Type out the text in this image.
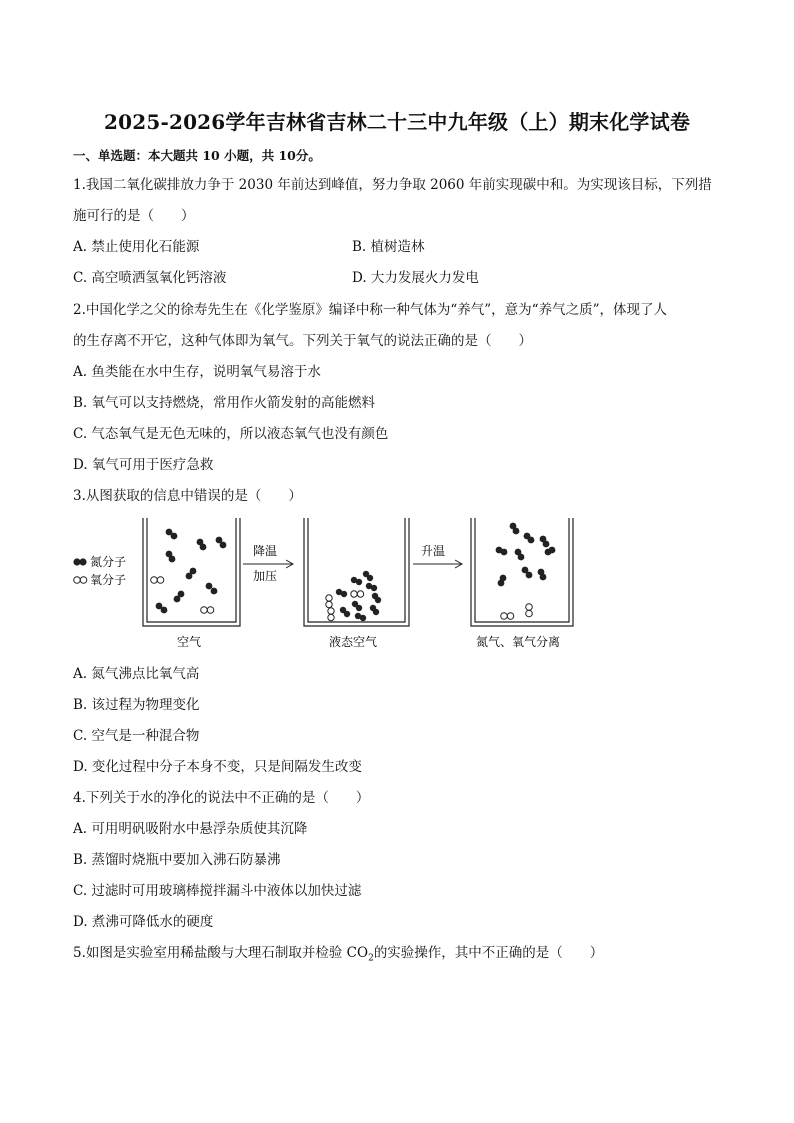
2025-2026学年吉林省吉林二十三中九年级（上）期末化学试卷
一、单选题：本大题共 10 小题，共 10分。
1.我国二氧化碳排放力争于 2030 年前达到峰值，努力争取 2060 年前实现碳中和。为实现该目标，下列措
施可行的是（　　）
A. 禁止使用化石能源	B. 植树造林
C. 高空喷洒氢氧化钙溶液	D. 大力发展火力发电
2.中国化学之父的徐寿先生在《化学鉴原》编译中称一种气体为“养气”，意为“养气之质”，体现了人
的生存离不开它，这种气体即为氧气。下列关于氧气的说法正确的是（　　）
A. 鱼类能在水中生存，说明氧气易溶于水
B. 氧气可以支持燃烧，常用作火箭发射的高能燃料
C. 气态氧气是无色无味的，所以液态氧气也没有颜色
D. 氧气可用于医疗急救
3.从图获取的信息中错误的是（　　）
氮分子
氧分子
空气
降温
加压
液态空气
升温
氮气、氧气分离
A. 氮气沸点比氧气高
B. 该过程为物理变化
C. 空气是一种混合物
D. 变化过程中分子本身不变，只是间隔发生改变
4.下列关于水的净化的说法中不正确的是（　　）
A. 可用明矾吸附水中悬浮杂质使其沉降
B. 蒸馏时烧瓶中要加入沸石防暴沸
C. 过滤时可用玻璃棒搅拌漏斗中液体以加快过滤
D. 煮沸可降低水的硬度
5.如图是实验室用稀盐酸与大理石制取并检验 $CO_2$的实验操作，其中不正确的是（　　）
